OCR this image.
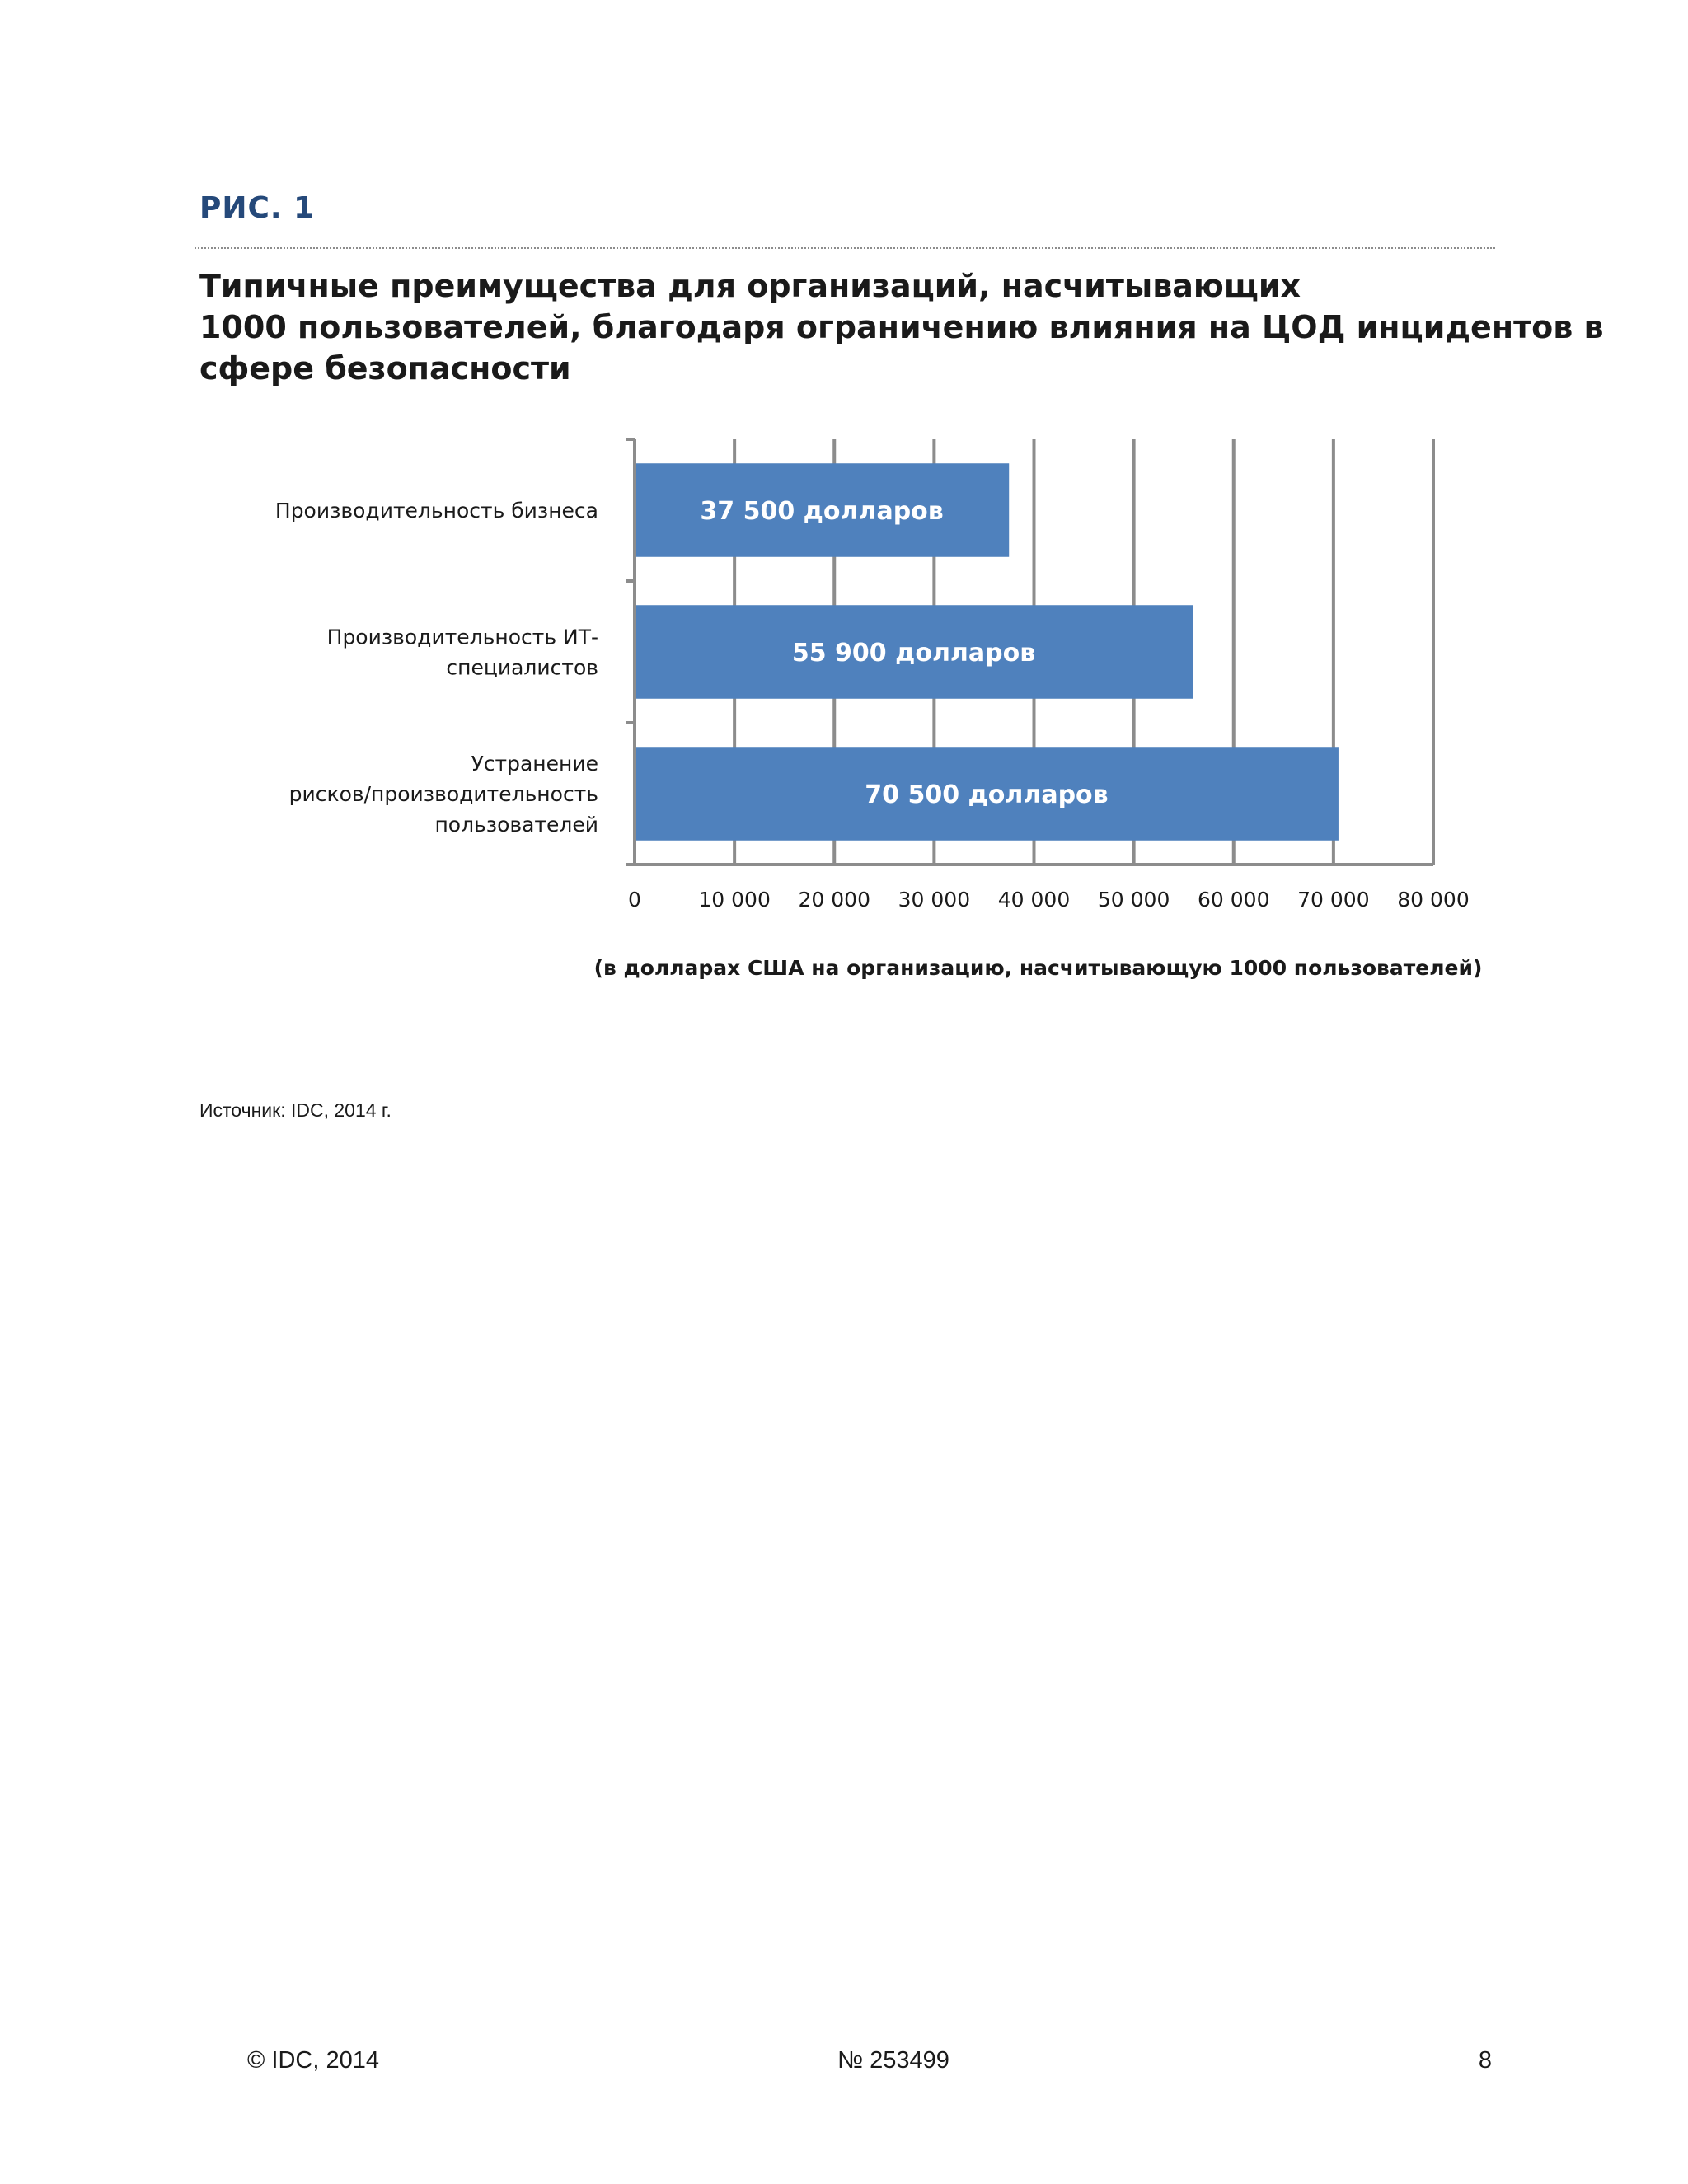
РИС. 1
Типичные преимущества для организаций, насчитывающих
1000 пользователей, благодаря ограничению влияния на ЦОД инцидентов в
сфере безопасности
37 500 долларов
55 900 долларов
70 500 долларов
0	10 000 20 000 30 000 40 000 50 000 60 000 70 000 80 000
Производительность бизнеса
Производительность ИТ-
специалистов
Устранение
рисков/производительность
пользователей
(в долларах США на организацию, насчитывающую 1000 пользователей)
Источник: IDC, 2014 г.
© IDC, 2014	№ 253499	8
